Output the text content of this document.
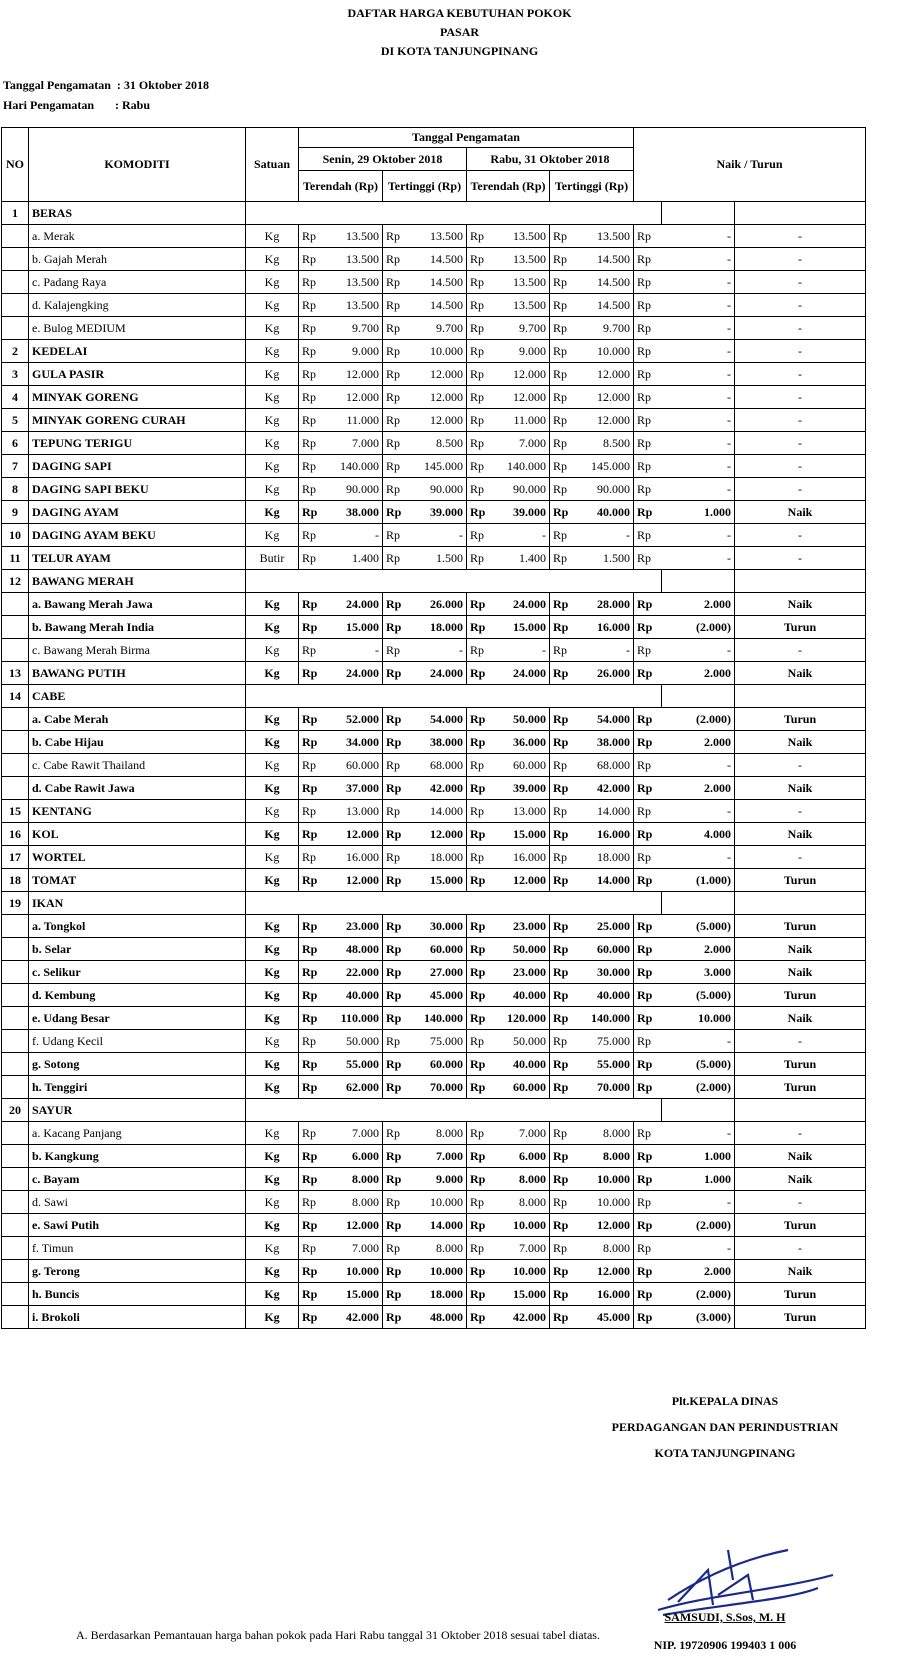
DAFTAR HARGA KEBUTUHAN POKOK
PASAR
DI KOTA TANJUNGPINANG
Tanggal Pengamatan  : 31 Oktober 2018
Hari Pengamatan       : Rabu
NO	KOMODITI	Satuan	Tanggal Pengamatan								Naik / Turun		
			Senin, 29 Oktober 2018				Rabu, 31 Oktober 2018						
			Terendah (Rp)		Tertinggi (Rp)		Terendah (Rp)		Tertinggi (Rp)				
1	BERAS												
	a. Merak	Kg	Rp	13.500	Rp	13.500	Rp	13.500	Rp	13.500	Rp	-	-
	b. Gajah Merah	Kg	Rp	13.500	Rp	14.500	Rp	13.500	Rp	14.500	Rp	-	-
	c. Padang Raya	Kg	Rp	13.500	Rp	14.500	Rp	13.500	Rp	14.500	Rp	-	-
	d. Kalajengking	Kg	Rp	13.500	Rp	14.500	Rp	13.500	Rp	14.500	Rp	-	-
	e. Bulog MEDIUM	Kg	Rp	9.700	Rp	9.700	Rp	9.700	Rp	9.700	Rp	-	-
2	KEDELAI	Kg	Rp	9.000	Rp	10.000	Rp	9.000	Rp	10.000	Rp	-	-
3	GULA PASIR	Kg	Rp	12.000	Rp	12.000	Rp	12.000	Rp	12.000	Rp	-	-
4	MINYAK GORENG	Kg	Rp	12.000	Rp	12.000	Rp	12.000	Rp	12.000	Rp	-	-
5	MINYAK GORENG CURAH	Kg	Rp	11.000	Rp	12.000	Rp	11.000	Rp	12.000	Rp	-	-
6	TEPUNG TERIGU	Kg	Rp	7.000	Rp	8.500	Rp	7.000	Rp	8.500	Rp	-	-
7	DAGING SAPI	Kg	Rp	140.000	Rp	145.000	Rp	140.000	Rp	145.000	Rp	-	-
8	DAGING SAPI BEKU	Kg	Rp	90.000	Rp	90.000	Rp	90.000	Rp	90.000	Rp	-	-
9	DAGING AYAM	Kg	Rp	38.000	Rp	39.000	Rp	39.000	Rp	40.000	Rp	1.000	Naik
10	DAGING AYAM BEKU	Kg	Rp	-	Rp	-	Rp	-	Rp	-	Rp	-	-
11	TELUR AYAM	Butir	Rp	1.400	Rp	1.500	Rp	1.400	Rp	1.500	Rp	-	-
12	BAWANG MERAH												
	a. Bawang Merah Jawa	Kg	Rp	24.000	Rp	26.000	Rp	24.000	Rp	28.000	Rp	2.000	Naik
	b. Bawang Merah India	Kg	Rp	15.000	Rp	18.000	Rp	15.000	Rp	16.000	Rp	(2.000)	Turun
	c. Bawang Merah Birma	Kg	Rp	-	Rp	-	Rp	-	Rp	-	Rp	-	-
13	BAWANG PUTIH	Kg	Rp	24.000	Rp	24.000	Rp	24.000	Rp	26.000	Rp	2.000	Naik
14	CABE												
	a. Cabe Merah	Kg	Rp	52.000	Rp	54.000	Rp	50.000	Rp	54.000	Rp	(2.000)	Turun
	b. Cabe Hijau	Kg	Rp	34.000	Rp	38.000	Rp	36.000	Rp	38.000	Rp	2.000	Naik
	c. Cabe Rawit Thailand	Kg	Rp	60.000	Rp	68.000	Rp	60.000	Rp	68.000	Rp	-	-
	d. Cabe Rawit Jawa	Kg	Rp	37.000	Rp	42.000	Rp	39.000	Rp	42.000	Rp	2.000	Naik
15	KENTANG	Kg	Rp	13.000	Rp	14.000	Rp	13.000	Rp	14.000	Rp	-	-
16	KOL	Kg	Rp	12.000	Rp	12.000	Rp	15.000	Rp	16.000	Rp	4.000	Naik
17	WORTEL	Kg	Rp	16.000	Rp	18.000	Rp	16.000	Rp	18.000	Rp	-	-
18	TOMAT	Kg	Rp	12.000	Rp	15.000	Rp	12.000	Rp	14.000	Rp	(1.000)	Turun
19	IKAN												
	a. Tongkol	Kg	Rp	23.000	Rp	30.000	Rp	23.000	Rp	25.000	Rp	(5.000)	Turun
	b. Selar	Kg	Rp	48.000	Rp	60.000	Rp	50.000	Rp	60.000	Rp	2.000	Naik
	c. Selikur	Kg	Rp	22.000	Rp	27.000	Rp	23.000	Rp	30.000	Rp	3.000	Naik
	d. Kembung	Kg	Rp	40.000	Rp	45.000	Rp	40.000	Rp	40.000	Rp	(5.000)	Turun
	e. Udang Besar	Kg	Rp	110.000	Rp	140.000	Rp	120.000	Rp	140.000	Rp	10.000	Naik
	f. Udang Kecil	Kg	Rp	50.000	Rp	75.000	Rp	50.000	Rp	75.000	Rp	-	-
	g. Sotong	Kg	Rp	55.000	Rp	60.000	Rp	40.000	Rp	55.000	Rp	(5.000)	Turun
	h. Tenggiri	Kg	Rp	62.000	Rp	70.000	Rp	60.000	Rp	70.000	Rp	(2.000)	Turun
20	SAYUR												
	a. Kacang Panjang	Kg	Rp	7.000	Rp	8.000	Rp	7.000	Rp	8.000	Rp	-	-
	b. Kangkung	Kg	Rp	6.000	Rp	7.000	Rp	6.000	Rp	8.000	Rp	1.000	Naik
	c. Bayam	Kg	Rp	8.000	Rp	9.000	Rp	8.000	Rp	10.000	Rp	1.000	Naik
	d. Sawi	Kg	Rp	8.000	Rp	10.000	Rp	8.000	Rp	10.000	Rp	-	-
	e. Sawi Putih	Kg	Rp	12.000	Rp	14.000	Rp	10.000	Rp	12.000	Rp	(2.000)	Turun
	f. Timun	Kg	Rp	7.000	Rp	8.000	Rp	7.000	Rp	8.000	Rp	-	-
	g. Terong	Kg	Rp	10.000	Rp	10.000	Rp	10.000	Rp	12.000	Rp	2.000	Naik
	h. Buncis	Kg	Rp	15.000	Rp	18.000	Rp	15.000	Rp	16.000	Rp	(2.000)	Turun
	i. Brokoli	Kg	Rp	42.000	Rp	48.000	Rp	42.000	Rp	45.000	Rp	(3.000)	Turun
A. Berdasarkan Pemantauan harga bahan pokok pada Hari Rabu tanggal 31 Oktober 2018 sesuai tabel diatas.
Plt.KEPALA DINAS
PERDAGANGAN DAN PERINDUSTRIAN
KOTA TANJUNGPINANG
SAMSUDI, S.Sos, M. H
NIP. 19720906 199403 1 006
